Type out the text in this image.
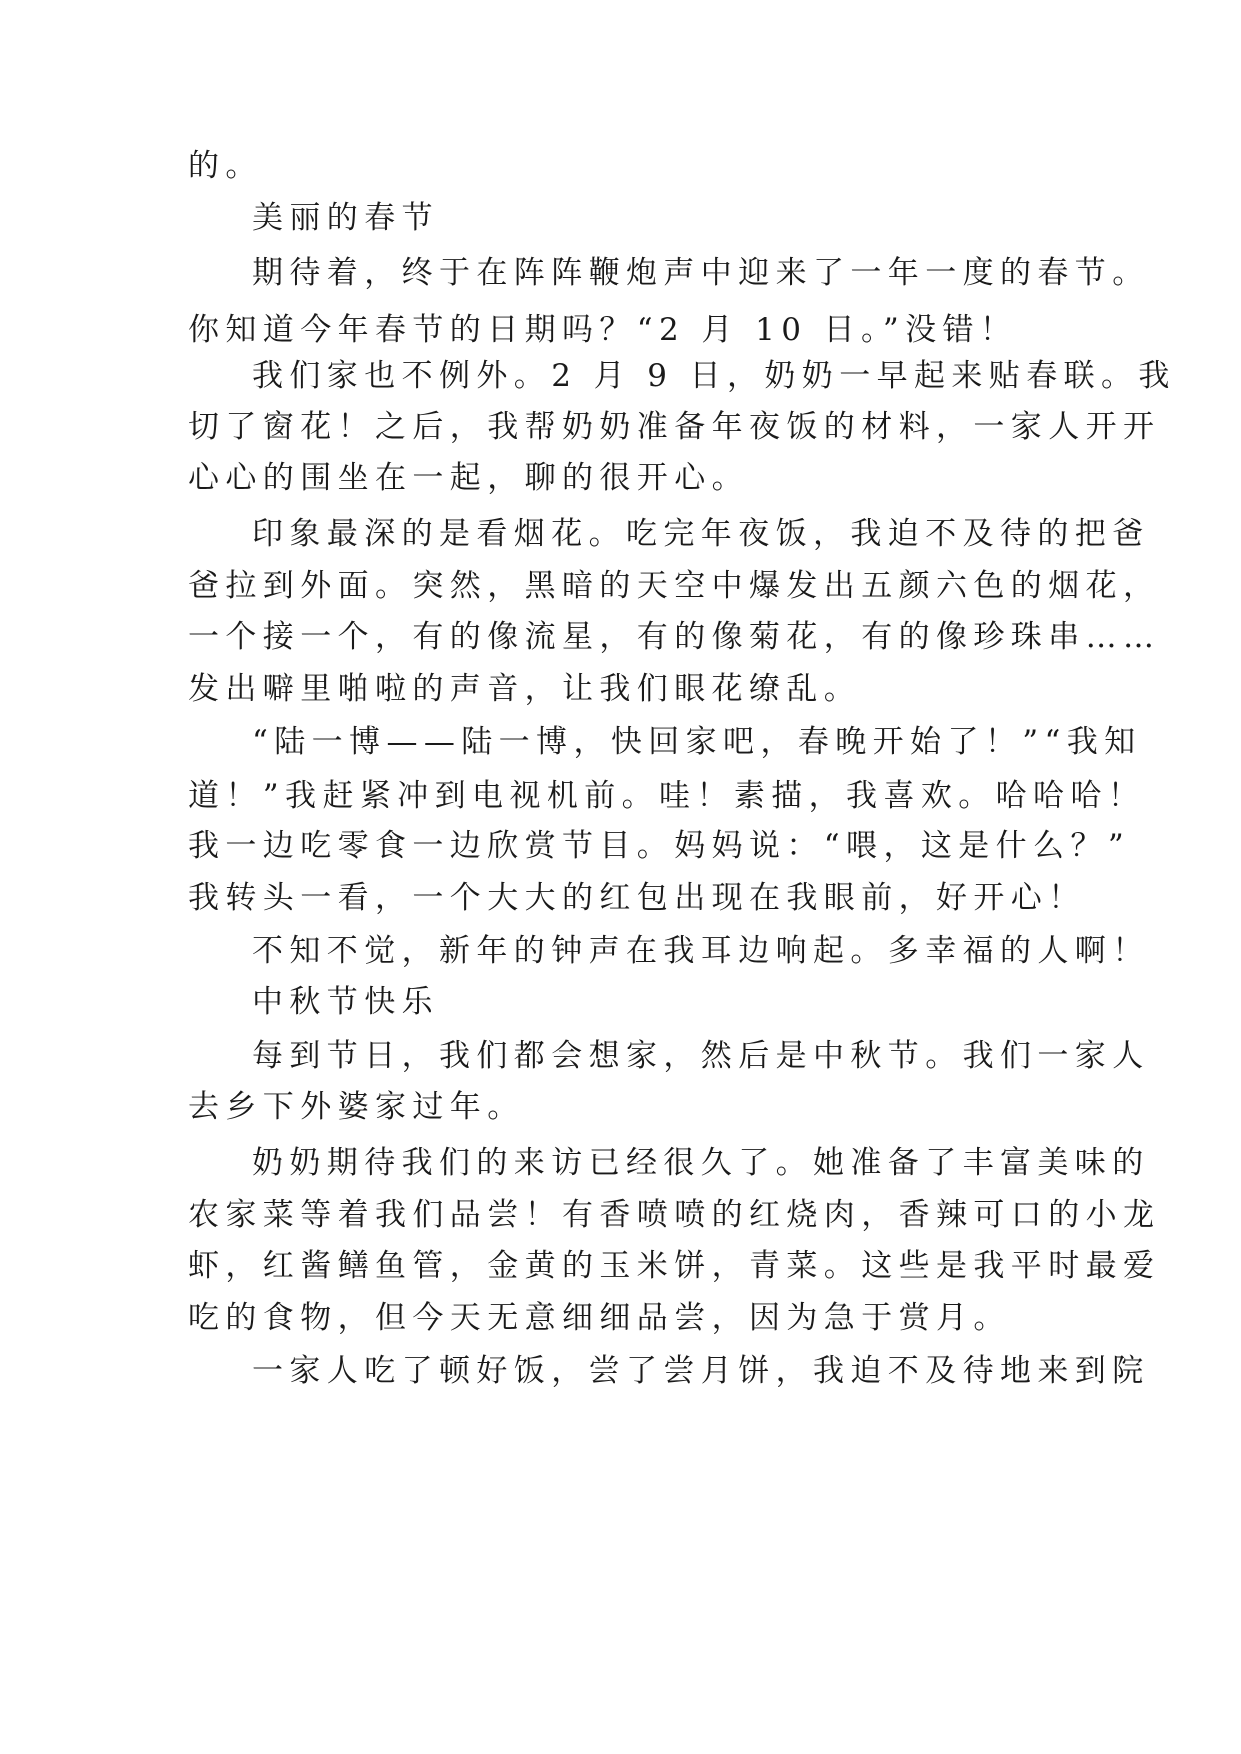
的。

美丽的春节

期待着，终于在阵阵鞭炮声中迎来了一年一度的春节。

你知道今年春节的日期吗？“2 月 10 日。”没错！

我们家也不例外。2 月 9 日，奶奶一早起来贴春联。我

切了窗花！之后，我帮奶奶准备年夜饭的材料，一家人开开

心心的围坐在一起，聊的很开心。

印象最深的是看烟花。吃完年夜饭，我迫不及待的把爸

爸拉到外面。突然，黑暗的天空中爆发出五颜六色的烟花，

一个接一个，有的像流星，有的像菊花，有的像珍珠串……

发出噼里啪啦的声音，让我们眼花缭乱。

“陆一博——陆一博，快回家吧，春晚开始了！”“我知

道！”我赶紧冲到电视机前。哇！素描，我喜欢。哈哈哈！

我一边吃零食一边欣赏节目。妈妈说：“喂，这是什么？”

我转头一看，一个大大的红包出现在我眼前，好开心！

不知不觉，新年的钟声在我耳边响起。多幸福的人啊！

中秋节快乐

每到节日，我们都会想家，然后是中秋节。我们一家人

去乡下外婆家过年。

奶奶期待我们的来访已经很久了。她准备了丰富美味的

农家菜等着我们品尝！有香喷喷的红烧肉，香辣可口的小龙

虾，红酱鳝鱼管，金黄的玉米饼，青菜。这些是我平时最爱

吃的食物，但今天无意细细品尝，因为急于赏月。

一家人吃了顿好饭，尝了尝月饼，我迫不及待地来到院
